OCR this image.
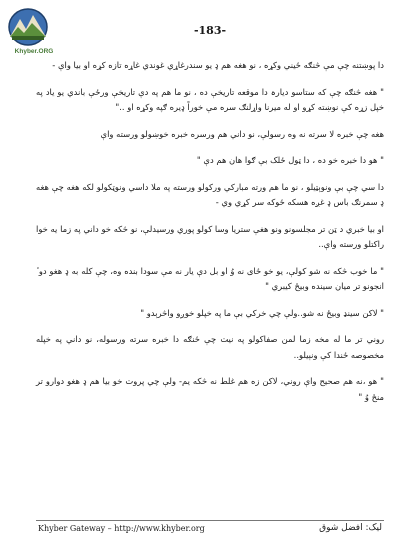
Khyber.ORG
-183-

دا پوښتنه چې مې څنګه ځيني وکړه ، نو هغه هم ډ يو سندرغاړي غوندي غاړه تازه کړه او بيا واې -

" هغه څنګه چې که ستاسو ديارہ دا موقعه تاريخې ده ، نو ما هم په دې تاريخې ورځې باندي يو ياد په خپل زړه کې نوښته کړو او له ميرنا واړلنګ سره مې خوراً ډيره ګپه وکړه او .."

هغه چې خبره لا سرته نه وه رسولې، نو داني هم ورسره خبره خوښولو ورسته واې

" هو دا خبره خو ده ، دا ټول ځلک بې ګوا هان هم دې "

دا سي چې بې ونوېټيلو ، نو ما هم ورته مبارکي ورکولو ورسته په ملا داسي ونوټكولو لکه هغه چې هغه ډ سمرنګ باس ډ غږه هسكه ځوکه سر کړي وي -

او بيا خبري د ټن تر مجلسونو ونو هغې ستريا وسا کولو پوري ورسيدلې، نو څکه خو داني په زما يه خوا راکتلو ورسته واې..

" ما خوب څکه نه شو کولې، يو خو ځای نه وُ او بل دې يار نه مې سودا بنده وه، چې کله به ډ هغو دو ٔ انجونو تر ميان سينده وبيځ کيبري "

" لاکن سينډ وبيځ نه شو..ولې چي خرکي بې ما په خپلو خوږو واڅرېدو "

روني تر ما له مخه زما لمن صفاکولو په نيت چې ځنګه دا خبره سرته ورسوله، نو داني په خپله مخصوصه ځندا کې ونېيلو..

" هو ،نه هم صحيح واې روني، لاکن زه هم غلط نه څکه يم- ولې چي پروت خو بيا هم ډ هغو دوارو تر منځ وُ "

Khyber Gateway – http://www.khyber.org	ليک: افضل شوق
